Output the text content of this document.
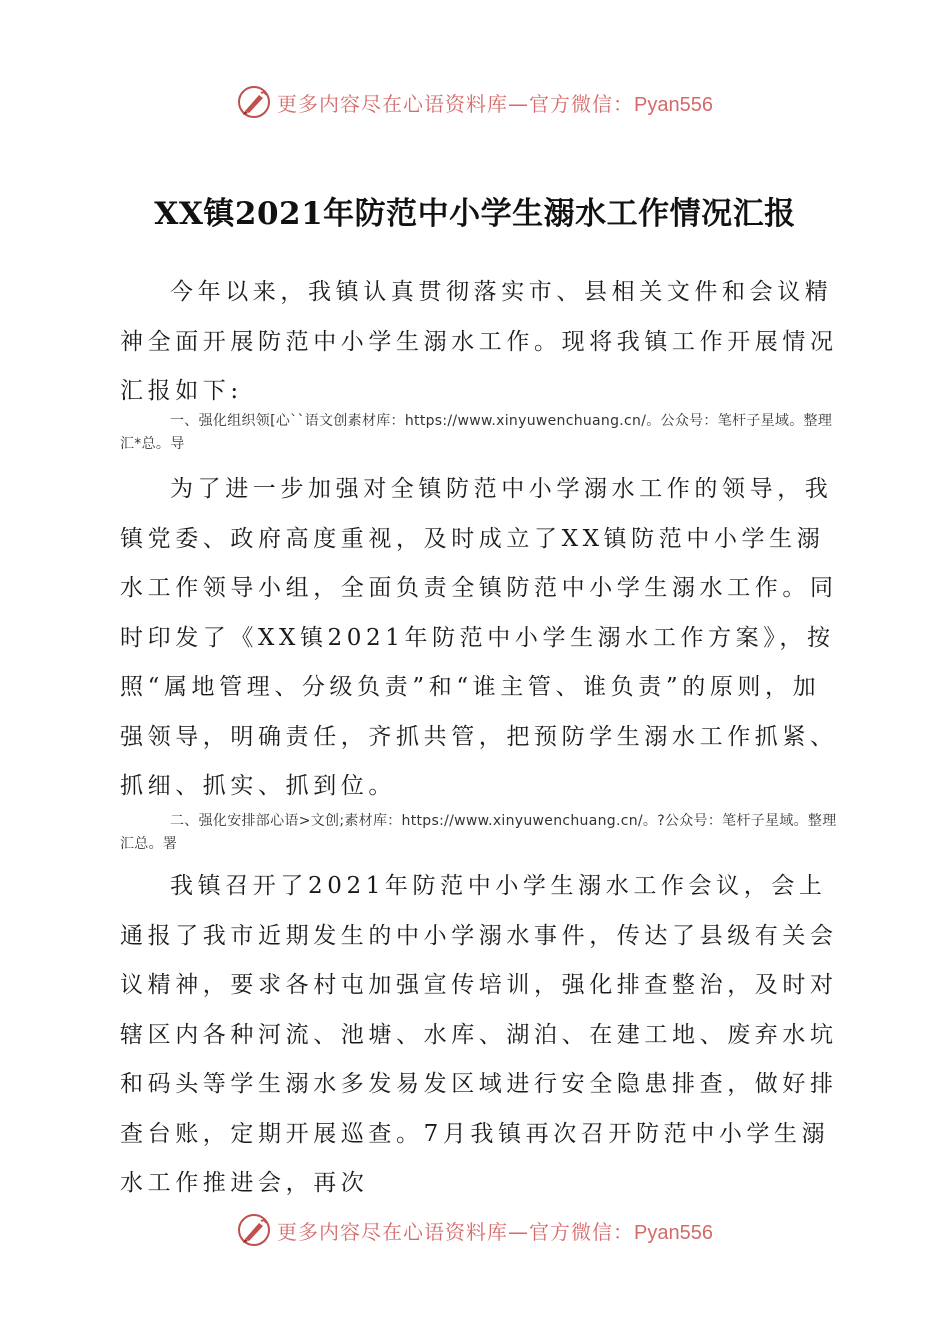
更多内容尽在心语资料库—官方微信：Pyan556
XX镇2021年防范中小学生溺水工作情况汇报

今年以来，我镇认真贯彻落实市、县相关文件和会议精神全面开展防范中小学生溺水工作。现将我镇工作开展情况汇报如下:

一、强化组织领[心``语文创素材库：https://www.xinyuwenchuang.cn/。公众号：笔杆子星域。整理汇*总。导

为了进一步加强对全镇防范中小学溺水工作的领导，我镇党委、政府高度重视，及时成立了XX镇防范中小学生溺水工作领导小组，全面负责全镇防范中小学生溺水工作。同时印发了《XX镇2021年防范中小学生溺水工作方案》，按照“属地管理、分级负责”和“谁主管、谁负责”的原则，加强领导，明确责任，齐抓共管，把预防学生溺水工作抓紧、抓细、抓实、抓到位。

二、强化安排部心语>文创;素材库：https://www.xinyuwenchuang.cn/。?公众号：笔杆子星域。整理汇总。署

我镇召开了2021年防范中小学生溺水工作会议，会上通报了我市近期发生的中小学溺水事件，传达了县级有关会议精神，要求各村屯加强宣传培训，强化排查整治，及时对辖区内各种河流、池塘、水库、湖泊、在建工地、废弃水坑和码头等学生溺水多发易发区域进行安全隐患排查，做好排查台账，定期开展巡查。7月我镇再次召开防范中小学生溺水工作推进会，再次

更多内容尽在心语资料库—官方微信：Pyan556
